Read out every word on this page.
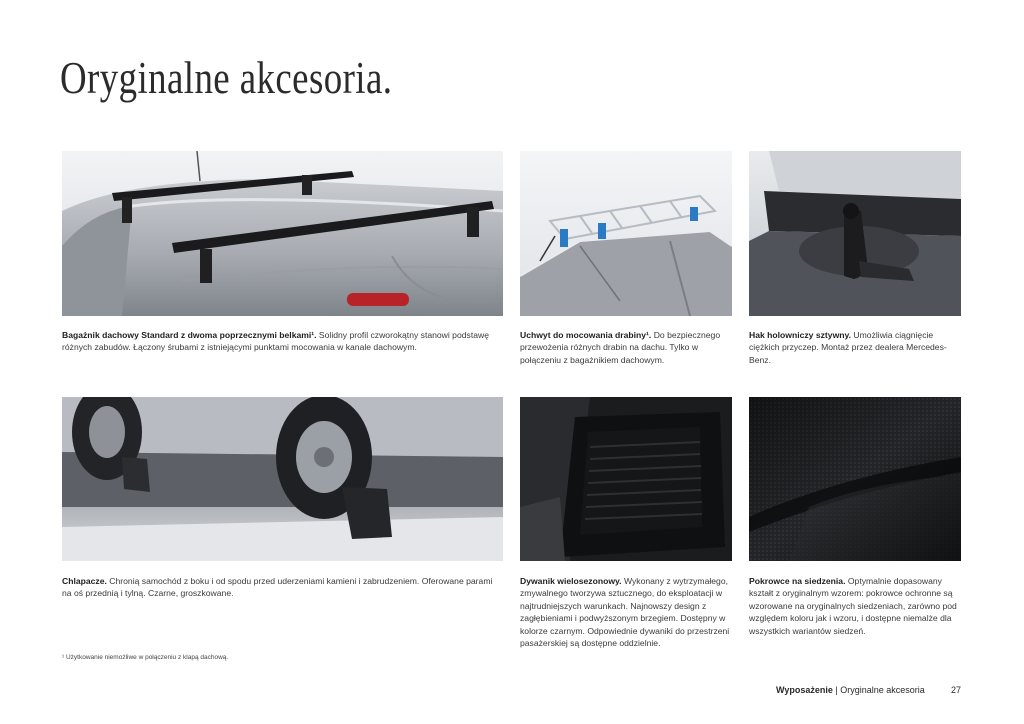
Oryginalne akcesoria.
Bagażnik dachowy Standard z dwoma poprzecznymi belkami¹. Solidny profil czworokątny stanowi podstawę różnych zabudów. Łączony śrubami z istniejącymi punktami mocowania w kanale dachowym.
Uchwyt do mocowania drabiny¹. Do bezpiecznego przewożenia różnych drabin na dachu. Tylko w połączeniu z bagażnikiem dachowym.
Hak holowniczy sztywny. Umożliwia ciągnięcie ciężkich przyczep. Montaż przez dealera Mercedes-Benz.
Chlapacze. Chronią samochód z boku i od spodu przed uderzeniami kamieni i zabrudzeniem. Oferowane parami na oś przednią i tylną. Czarne, groszkowane.
Dywanik wielosezonowy. Wykonany z wytrzymałego, zmywalnego tworzywa sztucznego, do eksploatacji w najtrudniejszych warunkach. Najnowszy design z zagłębieniami i podwyższonym brzegiem. Dostępny w kolorze czarnym. Odpowiednie dywaniki do przestrzeni pasażerskiej są dostępne oddzielnie.
Pokrowce na siedzenia. Optymalnie dopasowany kształt z oryginalnym wzorem: pokrowce ochronne są wzorowane na oryginalnych siedzeniach, zarówno pod względem koloru jak i wzoru, i dostępne niemalże dla wszystkich wariantów siedzeń.
¹ Użytkowanie niemożliwe w połączeniu z klapą dachową.
Wyposażenie | Oryginalne akcesoria	27
